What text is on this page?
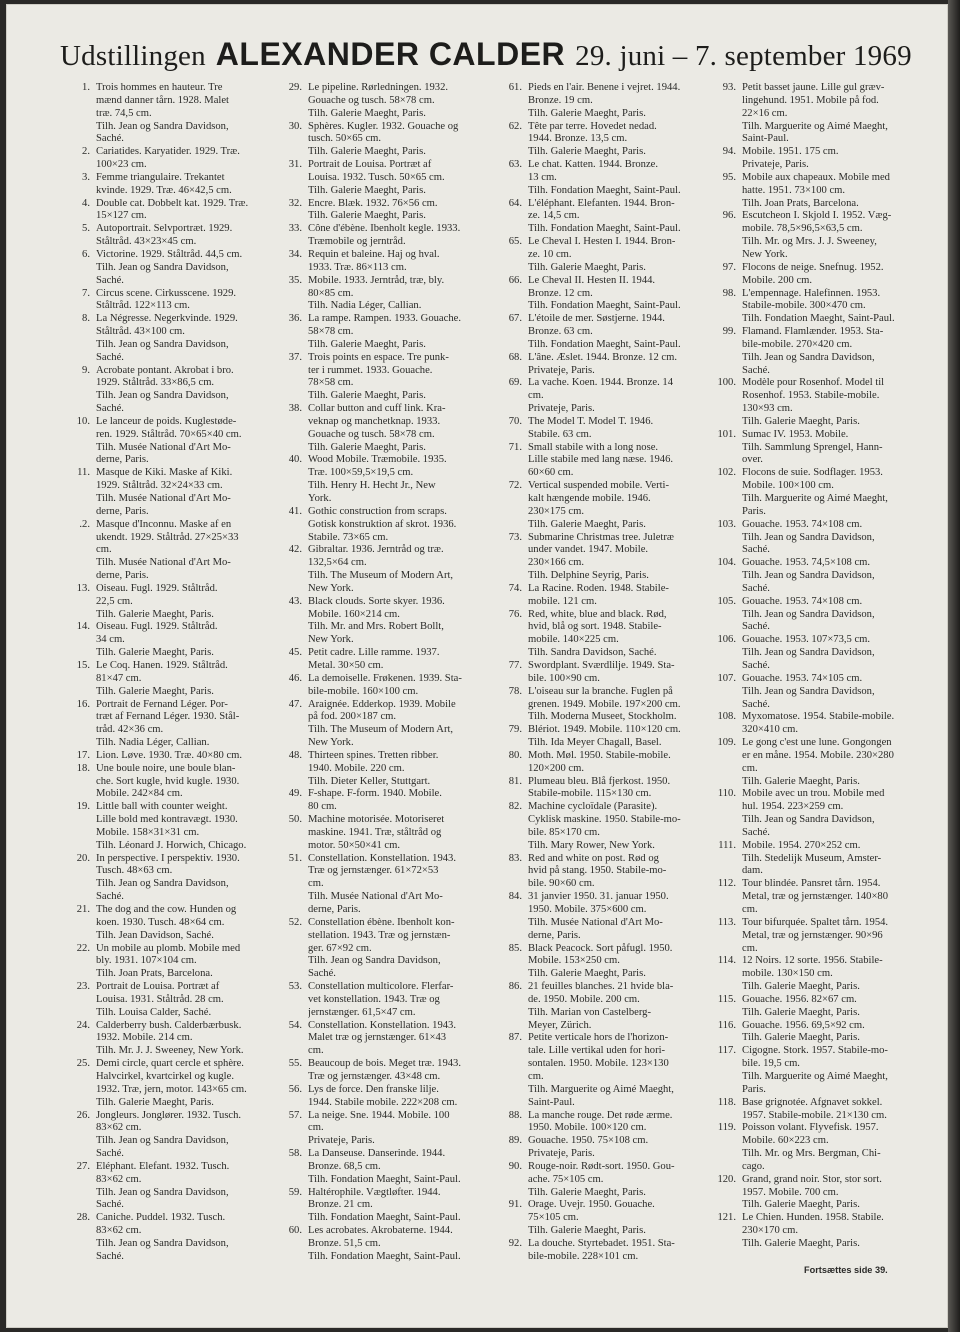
Udstillingen ALEXANDER CALDER 29. juni – 7. september 1969
1. Trois hommes en hauteur. Tre
mænd danner tårn. 1928. Malet
træ. 74,5 cm.
Tilh. Jean og Sandra Davidson,
Saché.
2. Cariatides. Karyatider. 1929. Træ.
100×23 cm.
3. Femme triangulaire. Trekantet
kvinde. 1929. Træ. 46×42,5 cm.
4. Double cat. Dobbelt kat. 1929. Træ.
15×127 cm.
5. Autoportrait. Selvportræt. 1929.
Ståltråd. 43×23×45 cm.
6. Victorine. 1929. Ståltråd. 44,5 cm.
Tilh. Jean og Sandra Davidson,
Saché.
7. Circus scene. Cirkusscene. 1929.
Ståltråd. 122×113 cm.
8. La Négresse. Negerkvinde. 1929.
Ståltråd. 43×100 cm.
Tilh. Jean og Sandra Davidson,
Saché.
9. Acrobate pontant. Akrobat i bro.
1929. Ståltråd. 33×86,5 cm.
Tilh. Jean og Sandra Davidson,
Saché.
10. Le lanceur de poids. Kuglestøde-
ren. 1929. Ståltråd. 70×65×40 cm.
Tilh. Musée National d'Art Mo-
derne, Paris.
11. Masque de Kiki. Maske af Kiki.
1929. Ståltråd. 32×24×33 cm.
Tilh. Musée National d'Art Mo-
derne, Paris.
.2. Masque d'Inconnu. Maske af en
ukendt. 1929. Ståltråd. 27×25×33
cm.
Tilh. Musée National d'Art Mo-
derne, Paris.
13. Oiseau. Fugl. 1929. Ståltråd.
22,5 cm.
Tilh. Galerie Maeght, Paris.
14. Oiseau. Fugl. 1929. Ståltråd.
34 cm.
Tilh. Galerie Maeght, Paris.
15. Le Coq. Hanen. 1929. Ståltråd.
81×47 cm.
Tilh. Galerie Maeght, Paris.
16. Portrait de Fernand Léger. Por-
træt af Fernand Léger. 1930. Stål-
tråd. 42×36 cm.
Tilh. Nadia Léger, Callian.
17. Lion. Løve. 1930. Træ. 40×80 cm.
18. Une boule noire, une boule blan-
che. Sort kugle, hvid kugle. 1930.
Mobile. 242×84 cm.
19. Little ball with counter weight.
Lille bold med kontravægt. 1930.
Mobile. 158×31×31 cm.
Tilh. Léonard J. Horwich, Chicago.
20. In perspective. I perspektiv. 1930.
Tusch. 48×63 cm.
Tilh. Jean og Sandra Davidson,
Saché.
21. The dog and the cow. Hunden og
koen. 1930. Tusch. 48×64 cm.
Tilh. Jean Davidson, Saché.
22. Un mobile au plomb. Mobile med
bly. 1931. 107×104 cm.
Tilh. Joan Prats, Barcelona.
23. Portrait de Louisa. Portræt af
Louisa. 1931. Ståltråd. 28 cm.
Tilh. Louisa Calder, Saché.
24. Calderberry bush. Calderbærbusk.
1932. Mobile. 214 cm.
Tilh. Mr. J. J. Sweeney, New York.
25. Demi circle, quart cercle et sphère.
Halvcirkel, kvartcirkel og kugle.
1932. Træ, jern, motor. 143×65 cm.
Tilh. Galerie Maeght, Paris.
26. Jongleurs. Jonglører. 1932. Tusch.
83×62 cm.
Tilh. Jean og Sandra Davidson,
Saché.
27. Eléphant. Elefant. 1932. Tusch.
83×62 cm.
Tilh. Jean og Sandra Davidson,
Saché.
28. Caniche. Puddel. 1932. Tusch.
83×62 cm.
Tilh. Jean og Sandra Davidson,
Saché.
29. Le pipeline. Rørledningen. 1932.
Gouache og tusch. 58×78 cm.
Tilh. Galerie Maeght, Paris.
30. Sphères. Kugler. 1932. Gouache og
tusch. 50×65 cm.
Tilh. Galerie Maeght, Paris.
31. Portrait de Louisa. Portræt af
Louisa. 1932. Tusch. 50×65 cm.
Tilh. Galerie Maeght, Paris.
32. Encre. Blæk. 1932. 76×56 cm.
Tilh. Galerie Maeght, Paris.
33. Cône d'ébène. Ibenholt kegle. 1933.
Træmobile og jerntråd.
34. Requin et baleine. Haj og hval.
1933. Træ. 86×113 cm.
35. Mobile. 1933. Jerntråd, træ, bly.
80×85 cm.
Tilh. Nadia Léger, Callian.
36. La rampe. Rampen. 1933. Gouache.
58×78 cm.
Tilh. Galerie Maeght, Paris.
37. Trois points en espace. Tre punk-
ter i rummet. 1933. Gouache.
78×58 cm.
Tilh. Galerie Maeght, Paris.
38. Collar button and cuff link. Kra-
veknap og manchetknap. 1933.
Gouache og tusch. 58×78 cm.
Tilh. Galerie Maeght, Paris.
40. Wood Mobile. Træmobile. 1935.
Træ. 100×59,5×19,5 cm.
Tilh. Henry H. Hecht Jr., New
York.
41. Gothic construction from scraps.
Gotisk konstruktion af skrot. 1936.
Stabile. 73×65 cm.
42. Gibraltar. 1936. Jerntråd og træ.
132,5×64 cm.
Tilh. The Museum of Modern Art,
New York.
43. Black clouds. Sorte skyer. 1936.
Mobile. 160×214 cm.
Tilh. Mr. and Mrs. Robert Bollt,
New York.
45. Petit cadre. Lille ramme. 1937.
Metal. 30×50 cm.
46. La demoiselle. Frøkenen. 1939. Sta-
bile-mobile. 160×100 cm.
47. Araignée. Edderkop. 1939. Mobile
på fod. 200×187 cm.
Tilh. The Museum of Modern Art,
New York.
48. Thirteen spines. Tretten ribber.
1940. Mobile. 220 cm.
Tilh. Dieter Keller, Stuttgart.
49. F-shape. F-form. 1940. Mobile.
80 cm.
50. Machine motorisée. Motoriseret
maskine. 1941. Træ, ståltråd og
motor. 50×50×41 cm.
51. Constellation. Konstellation. 1943.
Træ og jernstænger. 61×72×53
cm.
Tilh. Musée National d'Art Mo-
derne, Paris.
52. Constellation ébène. Ibenholt kon-
stellation. 1943. Træ og jernstæn-
ger. 67×92 cm.
Tilh. Jean og Sandra Davidson,
Saché.
53. Constellation multicolore. Flerfar-
vet konstellation. 1943. Træ og
jernstænger. 61,5×47 cm.
54. Constellation. Konstellation. 1943.
Malet træ og jernstænger. 61×43
cm.
55. Beaucoup de bois. Meget træ. 1943.
Træ og jernstænger. 43×48 cm.
56. Lys de force. Den franske lilje.
1944. Stabile mobile. 222×208 cm.
57. La neige. Sne. 1944. Mobile. 100
cm.
Privateje, Paris.
58. La Danseuse. Danserinde. 1944.
Bronze. 68,5 cm.
Tilh. Fondation Maeght, Saint-Paul.
59. Haltérophile. Vægtløfter. 1944.
Bronze. 21 cm.
Tilh. Fondation Maeght, Saint-Paul.
60. Les acrobates. Akrobaterne. 1944.
Bronze. 51,5 cm.
Tilh. Fondation Maeght, Saint-Paul.
61. Pieds en l'air. Benene i vejret. 1944.
Bronze. 19 cm.
Tilh. Galerie Maeght, Paris.
62. Tête par terre. Hovedet nedad.
1944. Bronze. 13,5 cm.
Tilh. Galerie Maeght, Paris.
63. Le chat. Katten. 1944. Bronze.
13 cm.
Tilh. Fondation Maeght, Saint-Paul.
64. L'éléphant. Elefanten. 1944. Bron-
ze. 14,5 cm.
Tilh. Fondation Maeght, Saint-Paul.
65. Le Cheval I. Hesten I. 1944. Bron-
ze. 10 cm.
Tilh. Galerie Maeght, Paris.
66. Le Cheval II. Hesten II. 1944.
Bronze. 12 cm.
Tilh. Fondation Maeght, Saint-Paul.
67. L'étoile de mer. Søstjerne. 1944.
Bronze. 63 cm.
Tilh. Fondation Maeght, Saint-Paul.
68. L'âne. Æslet. 1944. Bronze. 12 cm.
Privateje, Paris.
69. La vache. Koen. 1944. Bronze. 14
cm.
Privateje, Paris.
70. The Model T. Model T. 1946.
Stabile. 63 cm.
71. Small stabile with a long nose.
Lille stabile med lang næse. 1946.
60×60 cm.
72. Vertical suspended mobile. Verti-
kalt hængende mobile. 1946.
230×175 cm.
Tilh. Galerie Maeght, Paris.
73. Submarine Christmas tree. Juletræ
under vandet. 1947. Mobile.
230×166 cm.
Tilh. Delphine Seyrig, Paris.
74. La Racine. Roden. 1948. Stabile-
mobile. 121 cm.
76. Red, white, blue and black. Rød,
hvid, blå og sort. 1948. Stabile-
mobile. 140×225 cm.
Tilh. Sandra Davidson, Saché.
77. Swordplant. Sværdlilje. 1949. Sta-
bile. 100×90 cm.
78. L'oiseau sur la branche. Fuglen på
grenen. 1949. Mobile. 197×200 cm.
Tilh. Moderna Museet, Stockholm.
79. Blériot. 1949. Mobile. 110×120 cm.
Tilh. Ida Meyer Chagall, Basel.
80. Moth. Møl. 1950. Stabile-mobile.
120×200 cm.
81. Plumeau bleu. Blå fjerkost. 1950.
Stabile-mobile. 115×130 cm.
82. Machine cycloïdale (Parasite).
Cyklisk maskine. 1950. Stabile-mo-
bile. 85×170 cm.
Tilh. Mary Rower, New York.
83. Red and white on post. Rød og
hvid på stang. 1950. Stabile-mo-
bile. 90×60 cm.
84. 31 janvier 1950. 31. januar 1950.
1950. Mobile. 375×600 cm.
Tilh. Musée National d'Art Mo-
derne, Paris.
85. Black Peacock. Sort påfugl. 1950.
Mobile. 153×250 cm.
Tilh. Galerie Maeght, Paris.
86. 21 feuilles blanches. 21 hvide bla-
de. 1950. Mobile. 200 cm.
Tilh. Marian von Castelberg-
Meyer, Zürich.
87. Petite verticale hors de l'horizon-
tale. Lille vertikal uden for hori-
sontalen. 1950. Mobile. 123×130
cm.
Tilh. Marguerite og Aimé Maeght,
Saint-Paul.
88. La manche rouge. Det røde ærme.
1950. Mobile. 100×120 cm.
89. Gouache. 1950. 75×108 cm.
Privateje, Paris.
90. Rouge-noir. Rødt-sort. 1950. Gou-
ache. 75×105 cm.
Tilh. Galerie Maeght, Paris.
91. Orage. Uvejr. 1950. Gouache.
75×105 cm.
Tilh. Galerie Maeght, Paris.
92. La douche. Styrtebadet. 1951. Sta-
bile-mobile. 228×101 cm.
93. Petit basset jaune. Lille gul græv-
lingehund. 1951. Mobile på fod.
22×16 cm.
Tilh. Marguerite og Aimé Maeght,
Saint-Paul.
94. Mobile. 1951. 175 cm.
Privateje, Paris.
95. Mobile aux chapeaux. Mobile med
hatte. 1951. 73×100 cm.
Tilh. Joan Prats, Barcelona.
96. Escutcheon I. Skjold I. 1952. Væg-
mobile. 78,5×96,5×63,5 cm.
Tilh. Mr. og Mrs. J. J. Sweeney,
New York.
97. Flocons de neige. Snefnug. 1952.
Mobile. 200 cm.
98. L'empennage. Halefinnen. 1953.
Stabile-mobile. 300×470 cm.
Tilh. Fondation Maeght, Saint-Paul.
99. Flamand. Flamlænder. 1953. Sta-
bile-mobile. 270×420 cm.
Tilh. Jean og Sandra Davidson,
Saché.
100. Modèle pour Rosenhof. Model til
Rosenhof. 1953. Stabile-mobile.
130×93 cm.
Tilh. Galerie Maeght, Paris.
101. Sumac IV. 1953. Mobile.
Tilh. Sammlung Sprengel, Hann-
over.
102. Flocons de suie. Sodflager. 1953.
Mobile. 100×100 cm.
Tilh. Marguerite og Aimé Maeght,
Paris.
103. Gouache. 1953. 74×108 cm.
Tilh. Jean og Sandra Davidson,
Saché.
104. Gouache. 1953. 74,5×108 cm.
Tilh. Jean og Sandra Davidson,
Saché.
105. Gouache. 1953. 74×108 cm.
Tilh. Jean og Sandra Davidson,
Saché.
106. Gouache. 1953. 107×73,5 cm.
Tilh. Jean og Sandra Davidson,
Saché.
107. Gouache. 1953. 74×105 cm.
Tilh. Jean og Sandra Davidson,
Saché.
108. Myxomatose. 1954. Stabile-mobile.
320×410 cm.
109. Le gong c'est une lune. Gongongen
er en måne. 1954. Mobile. 230×280
cm.
Tilh. Galerie Maeght, Paris.
110. Mobile avec un trou. Mobile med
hul. 1954. 223×259 cm.
Tilh. Jean og Sandra Davidson,
Saché.
111. Mobile. 1954. 270×252 cm.
Tilh. Stedelijk Museum, Amster-
dam.
112. Tour blindée. Pansret tårn. 1954.
Metal, træ og jernstænger. 140×80
cm.
113. Tour bifurquée. Spaltet tårn. 1954.
Metal, træ og jernstænger. 90×96
cm.
114. 12 Noirs. 12 sorte. 1956. Stabile-
mobile. 130×150 cm.
Tilh. Galerie Maeght, Paris.
115. Gouache. 1956. 82×67 cm.
Tilh. Galerie Maeght, Paris.
116. Gouache. 1956. 69,5×92 cm.
Tilh. Galerie Maeght, Paris.
117. Cigogne. Stork. 1957. Stabile-mo-
bile. 19,5 cm.
Tilh. Marguerite og Aimé Maeght,
Paris.
118. Base grignotée. Afgnavet sokkel.
1957. Stabile-mobile. 21×130 cm.
119. Poisson volant. Flyvefisk. 1957.
Mobile. 60×223 cm.
Tilh. Mr. og Mrs. Bergman, Chi-
cago.
120. Grand, grand noir. Stor, stor sort.
1957. Mobile. 700 cm.
Tilh. Galerie Maeght, Paris.
121. Le Chien. Hunden. 1958. Stabile.
230×170 cm.
Tilh. Galerie Maeght, Paris.
Fortsættes side 39.
